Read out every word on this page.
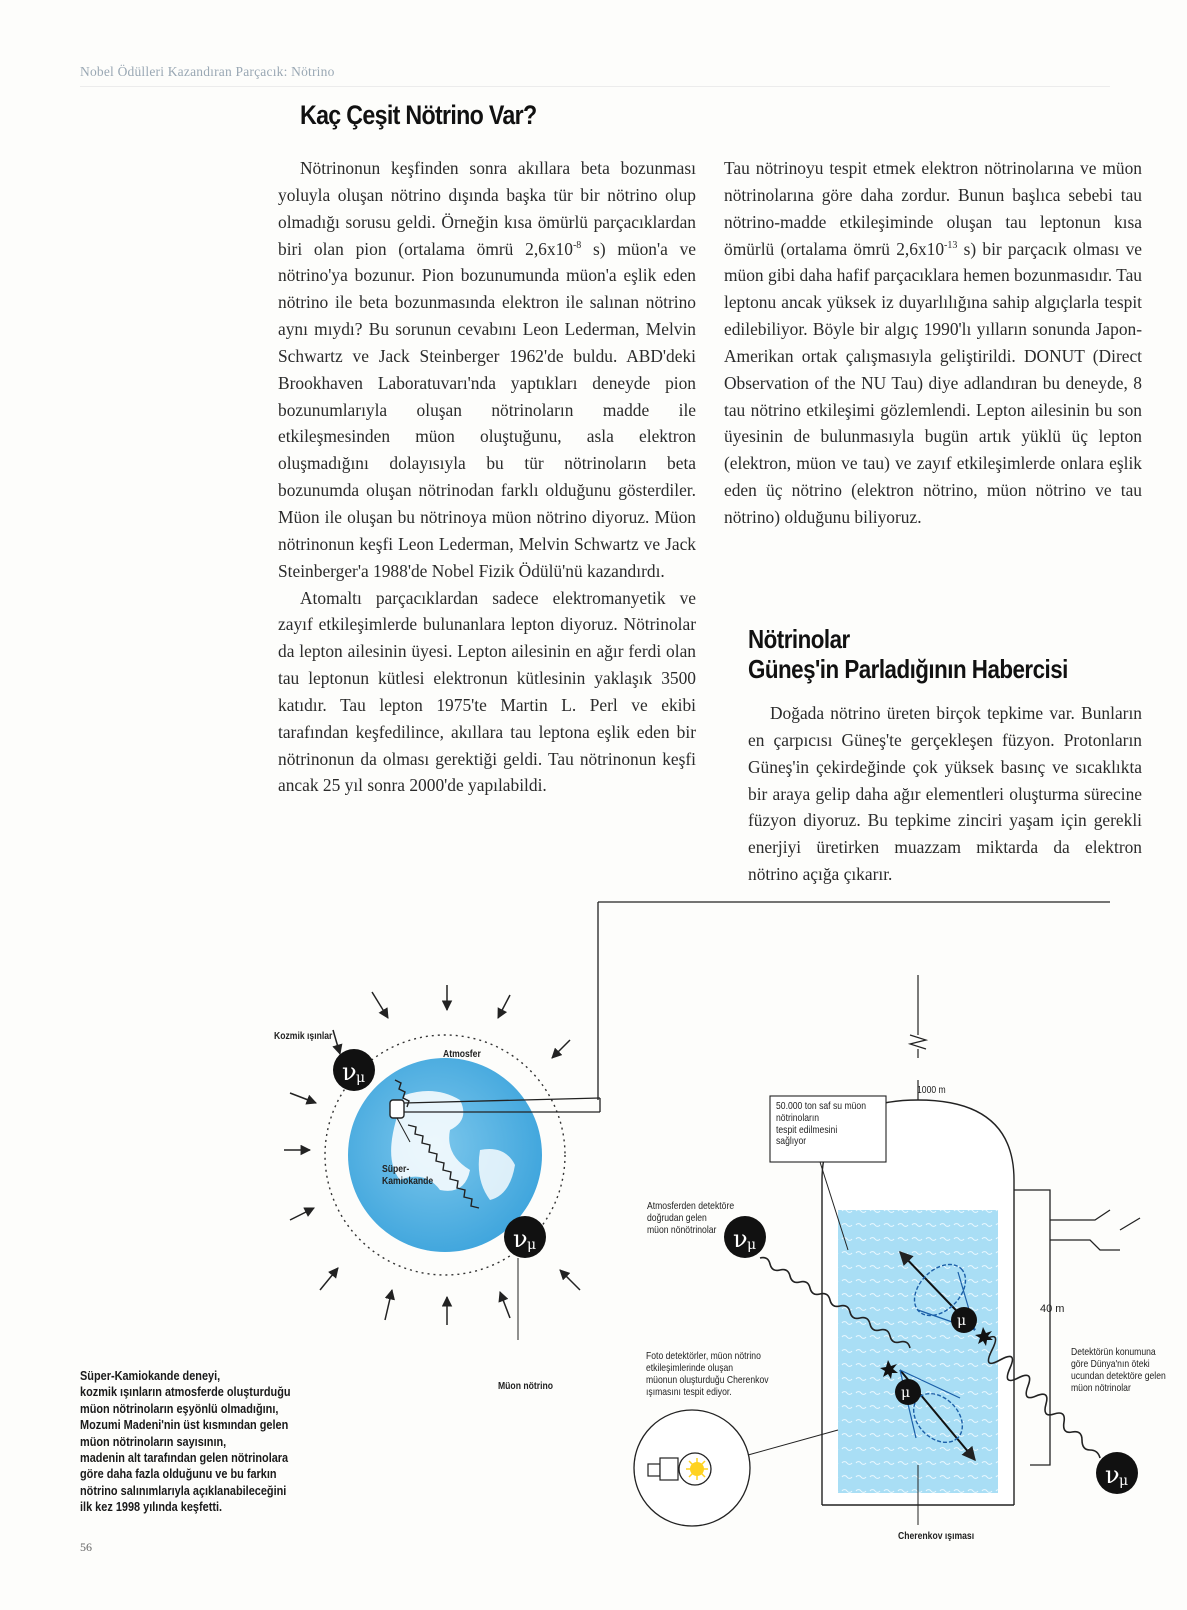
Nobel Ödülleri Kazandıran Parçacık: Nötrino
Kaç Çeşit Nötrino Var?

Nötrinonun keşfinden sonra akıllara beta bozunması yoluyla oluşan nötrino dışında başka tür bir nötrino olup olmadığı sorusu geldi. Örneğin kısa ömürlü parçacıklardan biri olan pion (ortalama ömrü $2,6x10^{-8}$ s) müon'a ve nötrino'ya bozunur. Pion bozunumunda müon'a eşlik eden nötrino ile beta bozunmasında elektron ile salınan nötrino aynı mıydı? Bu sorunun cevabını Leon Lederman, Melvin Schwartz ve Jack Steinberger 1962'de buldu. ABD'deki Brookhaven Laboratuvarı'nda yaptıkları deneyde pion bozunumlarıyla oluşan nötrinoların madde ile etkileşmesinden müon oluştuğunu, asla elektron oluşmadığını dolayısıyla bu tür nötrinoların beta bozunumda oluşan nötrinodan farklı olduğunu gösterdiler. Müon ile oluşan bu nötrinoya müon nötrino diyoruz. Müon nötrinonun keşfi Leon Lederman, Melvin Schwartz ve Jack Steinberger'a 1988'de Nobel Fizik Ödülü'nü kazandırdı.

Atomaltı parçacıklardan sadece elektromanyetik ve zayıf etkileşimlerde bulunanlara lepton diyoruz. Nötrinolar da lepton ailesinin üyesi. Lepton ailesinin en ağır ferdi olan tau leptonun kütlesi elektronun kütlesinin yaklaşık 3500 katıdır. Tau lepton 1975'te Martin L. Perl ve ekibi tarafından keşfedilince, akıllara tau leptona eşlik eden bir nötrinonun da olması gerektiği geldi. Tau nötrinonun keşfi ancak 25 yıl sonra 2000'de yapılabildi.

Tau nötrinoyu tespit etmek elektron nötrinolarına ve müon nötrinolarına göre daha zordur. Bunun başlıca sebebi tau nötrino-madde etkileşiminde oluşan tau leptonun kısa ömürlü (ortalama ömrü $2,6x10^{-13}$ s) bir parçacık olması ve müon gibi daha hafif parçacıklara hemen bozunmasıdır. Tau leptonu ancak yüksek iz duyarlılığına sahip algıçlarla tespit edilebiliyor. Böyle bir algıç 1990'lı yılların sonunda Japon-Amerikan ortak çalışmasıyla geliştirildi. DONUT (Direct Observation of the NU Tau) diye adlandıran bu deneyde, 8 tau nötrino etkileşimi gözlemlendi. Lepton ailesinin bu son üyesinin de bulunmasıyla bugün artık yüklü üç lepton (elektron, müon ve tau) ve zayıf etkileşimlerde onlara eşlik eden üç nötrino (elektron nötrino, müon nötrino ve tau nötrino) olduğunu biliyoruz.

Nötrinolar
Güneş'in Parladığının Habercisi

Doğada nötrino üreten birçok tepkime var. Bunların en çarpıcısı Güneş'te gerçekleşen füzyon. Protonların Güneş'in çekirdeğinde çok yüksek basınç ve sıcaklıkta bir araya gelip daha ağır elementleri oluşturma sürecine füzyon diyoruz. Bu tepkime zinciri yaşam için gerekli enerjiyi üretirken muazzam miktarda da elektron nötrino açığa çıkarır.

ν μ
ν μ
40 m
ν μ
ν μ
μ
μ
Kozmik ışınlar
Atmosfer
Süper-
Kamiokande
Müon nötrino
1000 m
50.000 ton saf su müon
nötrinoların
tespit edilmesini
sağlıyor
Atmosferden detektöre
doğrudan gelen
müon nönötrinolar
Foto detektörler, müon nötrino
etkileşimlerinde oluşan
müonun oluşturduğu Cherenkov
ışımasını tespit ediyor.
Detektörün konumuna
göre Dünya'nın öteki
ucundan detektöre gelen
müon nötrinolar
Cherenkov ışıması
Süper-Kamiokande deneyi,
kozmik ışınların atmosferde oluşturduğu
müon nötrinoların eşyönlü olmadığını,
Mozumi Madeni'nin üst kısmından gelen
müon nötrinoların sayısının,
madenin alt tarafından gelen nötrinolara
göre daha fazla olduğunu ve bu farkın
nötrino salınımlarıyla açıklanabileceğini
ilk kez 1998 yılında keşfetti.
56
